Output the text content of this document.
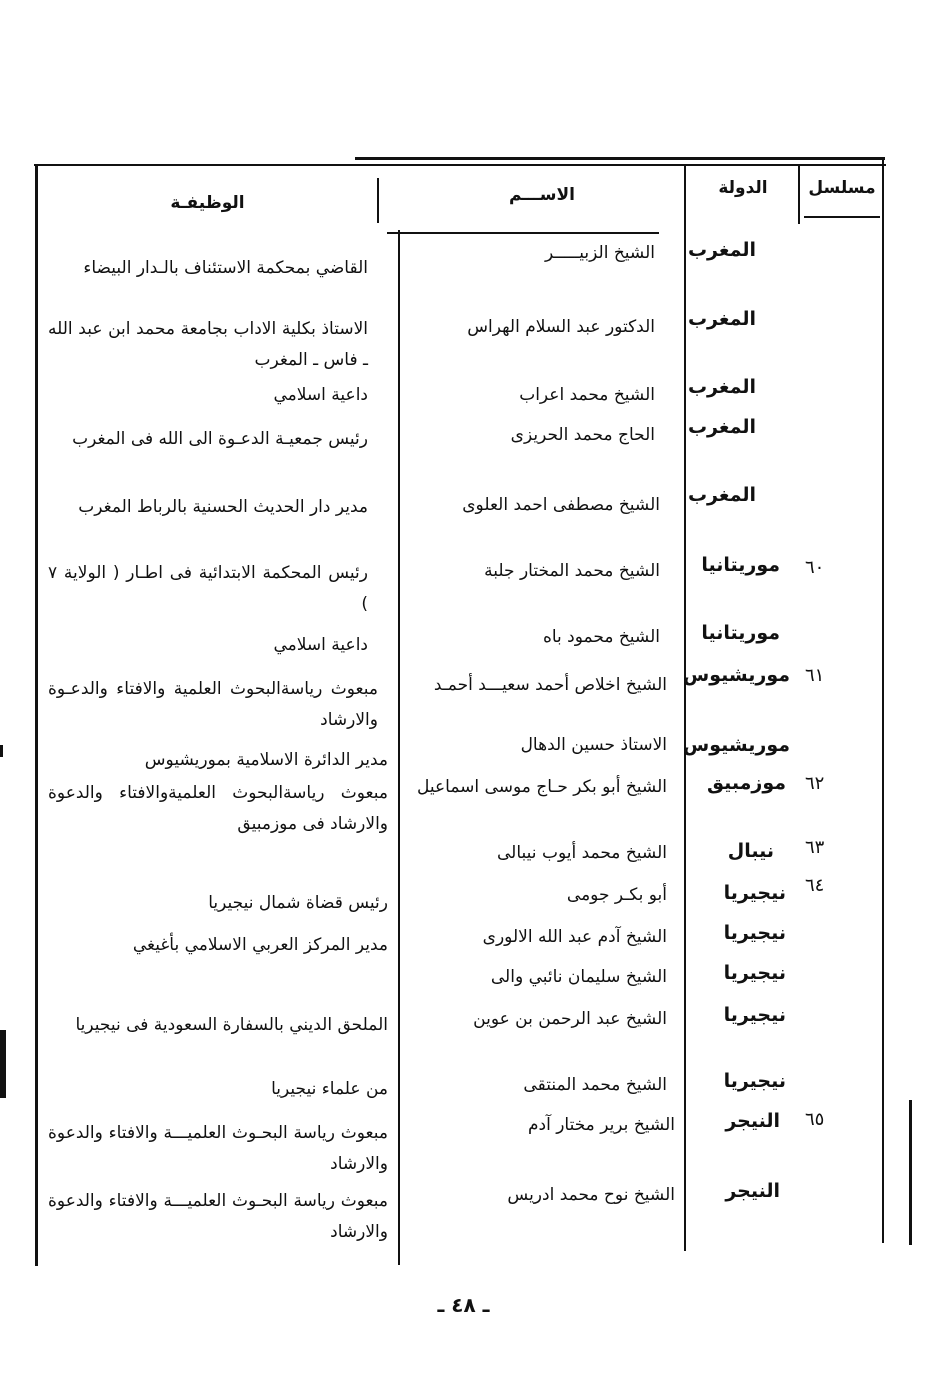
مسلسل
الدولة
الاســـم
الوظيفـة
المغرب
الشيخ الزبيـــــر
القاضي بمحكمة الاستئناف بالـدار البيضاء
المغرب
الدكتور عبد السلام الهراس
الاستاذ بكلية الاداب بجامعة محمد ابن عبد الله ـ فاس ـ المغرب
المغرب
الشيخ محمد اعراب
داعية اسلامي
المغرب
الحاج محمد الحريزى
رئيس جمعيـة الدعـوة الى الله فى المغرب
المغرب
الشيخ مصطفى احمد العلوى
مدير دار الحديث الحسنية بالرباط المغرب
٦٠
موريتانيا
الشيخ محمد المختار جلبة
رئيس المحكمة الابتدائية فى اطـار ( الولاية ٧ )
موريتانيا
الشيخ محمود باه
داعية اسلامي
٦١
موريشيوس
الشيخ اخلاص أحمد سعيـــد أحمـد
مبعوث رياسةالبحوث العلمية والافتاء والدعـوة والارشاد
موريشيوس
الاستاذ حسين الدهال
مدير الدائرة الاسلامية بموريشيوس
٦٢
موزمبيق
الشيخ أبو بكر حـاج موسى اسماعيل
مبعوث رياسةالبحوث العلميةوالافتاء والدعوة والارشاد فى موزمبيق
٦٣
نيبال
الشيخ محمد أيوب نيبالى
٦٤
نيجيريا
أبو بكـر جومى
رئيس قضاة شمال نيجيريا
نيجيريا
الشيخ آدم عبد الله الالورى
مدير المركز العربي الاسلامي بأغيغي
نيجيريا
الشيخ سليمان نائبي والى
نيجيريا
الشيخ عبد الرحمن بن عوين
الملحق الديني بالسفارة السعودية فى نيجيريا
نيجيريا
الشيخ محمد المنتقى
من علماء نيجيريا
٦٥
النيجر
الشيخ برير مختار آدم
مبعوث رياسة البحـوث العلميـــة والافتاء والدعوة والارشاد
النيجر
الشيخ نوح محمد ادريس
مبعوث رياسة البحـوث العلميـــة والافتاء والدعوة والارشاد
ـ ٤٨ ـ
